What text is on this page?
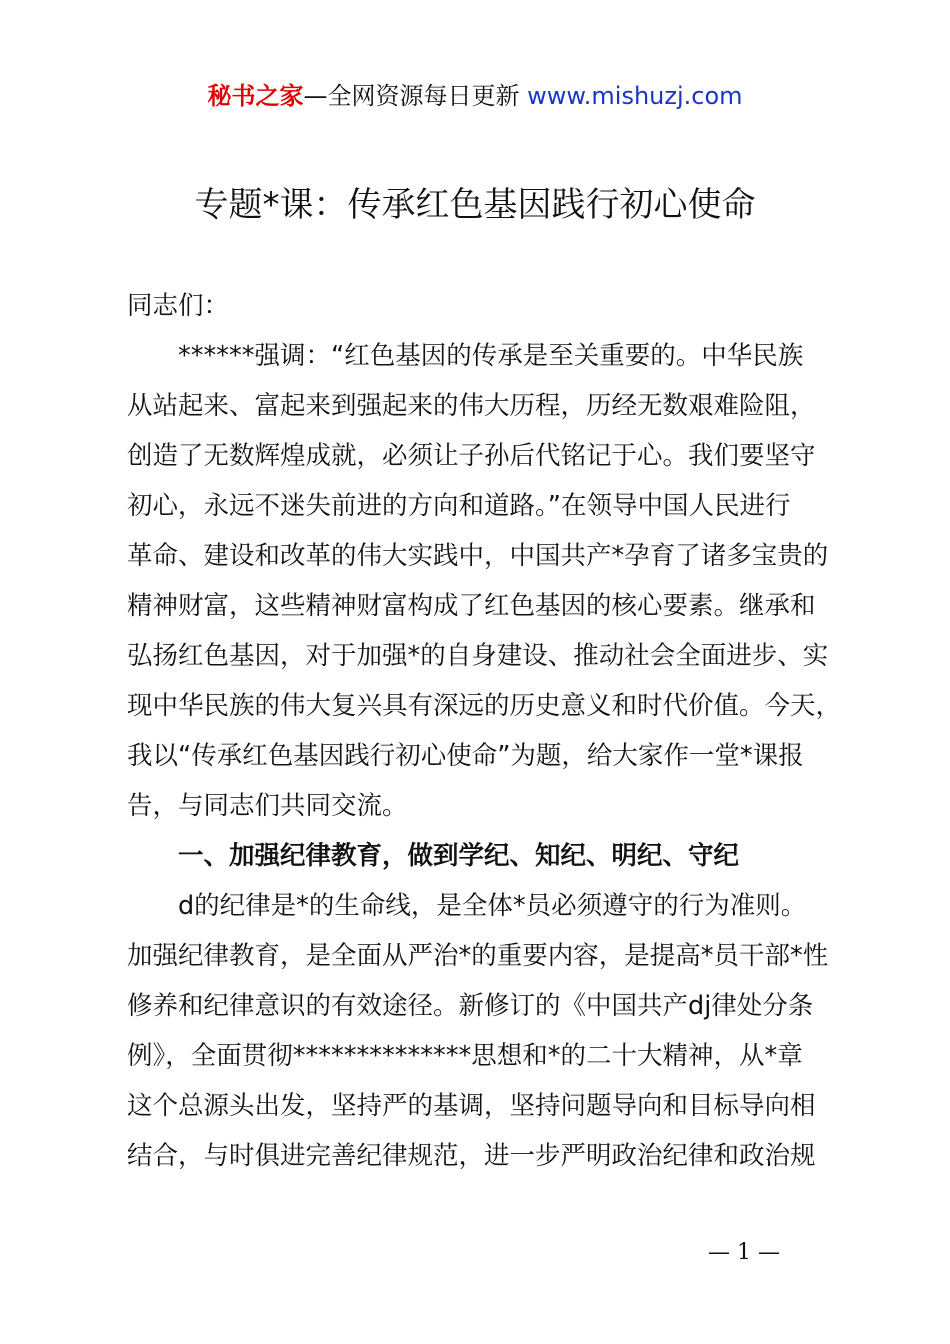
秘书之家—全网资源每日更新 www.mishuzj.com
专题*课：传承红色基因践行初心使命

同志们：

******强调：“红色基因的传承是至关重要的。中华民族
从站起来、富起来到强起来的伟大历程，历经无数艰难险阻，
创造了无数辉煌成就，必须让子孙后代铭记于心。我们要坚守
初心，永远不迷失前进的方向和道路。”在领导中国人民进行
革命、建设和改革的伟大实践中，中国共产*孕育了诸多宝贵的
精神财富，这些精神财富构成了红色基因的核心要素。继承和
弘扬红色基因，对于加强*的自身建设、推动社会全面进步、实
现中华民族的伟大复兴具有深远的历史意义和时代价值。今天，
我以“传承红色基因践行初心使命”为题，给大家作一堂*课报
告，与同志们共同交流。

一、加强纪律教育，做到学纪、知纪、明纪、守纪

d的纪律是*的生命线，是全体*员必须遵守的行为准则。
加强纪律教育，是全面从严治*的重要内容，是提高*员干部*性
修养和纪律意识的有效途径。新修订的《中国共产dj律处分条
例》，全面贯彻**************思想和*的二十大精神，从*章
这个总源头出发，坚持严的基调，坚持问题导向和目标导向相
结合，与时俱进完善纪律规范，进一步严明政治纪律和政治规

— 1 —
